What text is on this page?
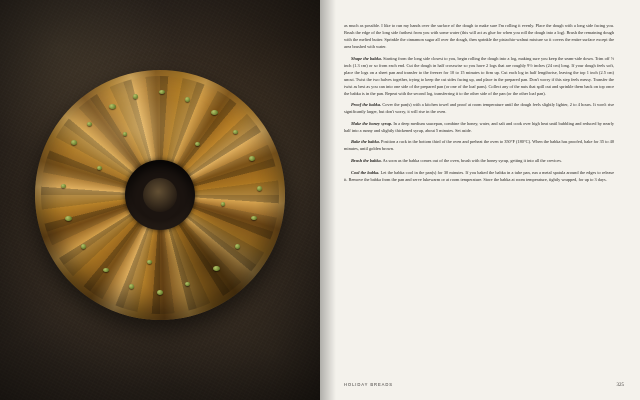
as much as possible. I like to run my hands over the surface of the dough to make sure I'm rolling it evenly. Place the dough with a long side facing you. Brush the edge of the long side farthest from you with some water (this will act as glue for when you roll the dough into a log). Brush the remaining dough with the melted butter. Sprinkle the cinnamon sugar all over the dough, then sprinkle the pistachio-walnut mixture so it covers the entire surface except the area brushed with water.

Shape the babka. Starting from the long side closest to you, begin rolling the dough into a log, making sure you keep the seam-side down. Trim off ½ inch (1.3 cm) or so from each end. Cut the dough in half crosswise so you have 2 logs that are roughly 9½ inches (24 cm) long. If your dough feels soft, place the logs on a sheet pan and transfer to the freezer for 10 to 15 minutes to firm up. Cut each log in half lengthwise, leaving the top 1 inch (2.5 cm) uncut. Twist the two halves together, trying to keep the cut sides facing up, and place in the prepared pan. Don't worry if this step feels messy. Transfer the twist as best as you can into one side of the prepared pan (or one of the loaf pans). Collect any of the nuts that spill out and sprinkle them back on top once the babka is in the pan. Repeat with the second log, transferring it to the other side of the pan (or the other loaf pan).

Proof the babka. Cover the pan(s) with a kitchen towel and proof at room temperature until the dough feels slightly lighter, 2 to 4 hours. It won't rise significantly larger, but don't worry, it will rise in the oven.

Make the honey syrup. In a deep medium saucepan, combine the honey, water, and salt and cook over high heat until bubbling and reduced by nearly half into a runny and slightly thickened syrup, about 5 minutes. Set aside.

Bake the babka. Position a rack in the bottom third of the oven and preheat the oven to 350°F (180°C). When the babka has proofed, bake for 35 to 40 minutes, until golden brown.

Brush the babka. As soon as the babka comes out of the oven, brush with the honey syrup, getting it into all the crevices.

Cool the babka. Let the babka cool in the pan(s) for 30 minutes. If you baked the babka in a tube pan, run a metal spatula around the edges to release it. Remove the babka from the pan and serve lukewarm or at room temperature. Store the babka at room temperature, tightly wrapped, for up to 3 days.

HOLIDAY BREADS	325
